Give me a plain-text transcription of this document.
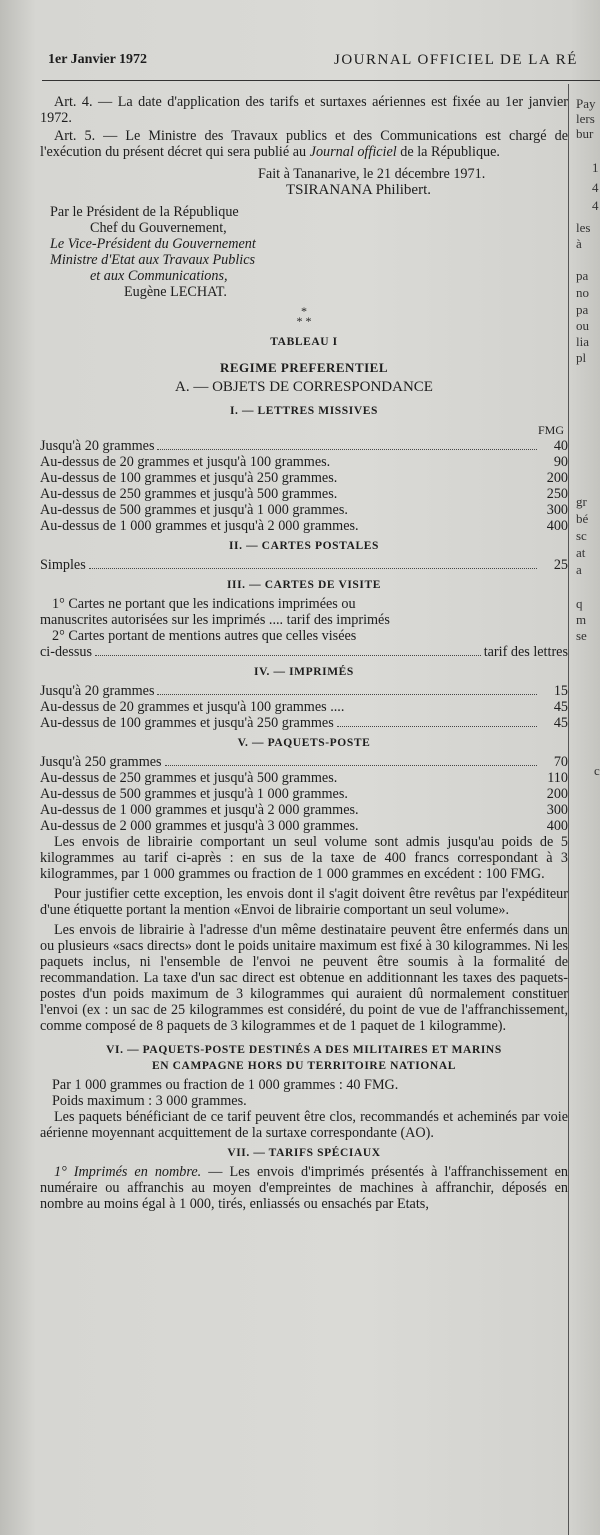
1er Janvier 1972	JOURNAL OFFICIEL DE LA RÉ
Pay
lers
bur
1
4
4
les
à
pa
no
pa
ou
lia
pl
gr
bé
sc
at
a
q
m
se
c

Art. 4. — La date d'application des tarifs et surtaxes aériennes est fixée au 1er janvier 1972.

Art. 5. — Le Ministre des Travaux publics et des Communications est chargé de l'exécution du présent décret qui sera publié au Journal officiel de la République.

Fait à Tananarive, le 21 décembre 1971.

TSIRANANA Philibert.

Par le Président de la République

Chef du Gouvernement,

Le Vice-Président du Gouvernement

Ministre d'Etat aux Travaux Publics

et aux Communications,

Eugène LECHAT.

*
* *

TABLEAU I

REGIME PREFERENTIEL

A. — OBJETS DE CORRESPONDANCE

I. — LETTRES MISSIVES

FMG

Jusqu'à 20 grammes	40
Au-dessus de 20 grammes et jusqu'à 100 grammes.	90
Au-dessus de 100 grammes et jusqu'à 250 grammes.	200
Au-dessus de 250 grammes et jusqu'à 500 grammes.	250
Au-dessus de 500 grammes et jusqu'à 1 000 grammes.	300
Au-dessus de 1 000 grammes et jusqu'à 2 000 grammes.	400

II. — CARTES POSTALES

Simples	25

III. — CARTES DE VISITE

1° Cartes ne portant que les indications imprimées ou

manuscrites autorisées sur les imprimés .... tarif des imprimés

2° Cartes portant de mentions autres que celles visées

ci-dessus	tarif des lettres

IV. — IMPRIMÉS

Jusqu'à 20 grammes	15
Au-dessus de 20 grammes et jusqu'à 100 grammes ....	45
Au-dessus de 100 grammes et jusqu'à 250 grammes	45

V. — PAQUETS-POSTE

Jusqu'à 250 grammes	70
Au-dessus de 250 grammes et jusqu'à 500 grammes.	110
Au-dessus de 500 grammes et jusqu'à 1 000 grammes.	200
Au-dessus de 1 000 grammes et jusqu'à 2 000 grammes.	300
Au-dessus de 2 000 grammes et jusqu'à 3 000 grammes.	400

Les envois de librairie comportant un seul volume sont admis jusqu'au poids de 5 kilogrammes au tarif ci-après : en sus de la taxe de 400 francs correspondant à 3 kilogrammes, par 1 000 grammes ou fraction de 1 000 grammes en excédent : 100 FMG.

Pour justifier cette exception, les envois dont il s'agit doivent être revêtus par l'expéditeur d'une étiquette portant la mention «Envoi de librairie comportant un seul volume».

Les envois de librairie à l'adresse d'un même destinataire peuvent être enfermés dans un ou plusieurs «sacs directs» dont le poids unitaire maximum est fixé à 30 kilogrammes. Ni les paquets inclus, ni l'ensemble de l'envoi ne peuvent être soumis à la formalité de recommandation. La taxe d'un sac direct est obtenue en additionnant les taxes des paquets-postes d'un poids maximum de 3 kilogrammes qui auraient dû normalement constituer l'envoi (ex : un sac de 25 kilogrammes est considéré, du point de vue de l'affranchissement, comme composé de 8 paquets de 3 kilogrammes et de 1 paquet de 1 kilogramme).

VI. — PAQUETS-POSTE DESTINÉS A DES MILITAIRES ET MARINS

EN CAMPAGNE HORS DU TERRITOIRE NATIONAL

Par 1 000 grammes ou fraction de 1 000 grammes : 40 FMG.

Poids maximum : 3 000 grammes.

Les paquets bénéficiant de ce tarif peuvent être clos, recommandés et acheminés par voie aérienne moyennant acquittement de la surtaxe correspondante (AO).

VII. — TARIFS SPÉCIAUX

1° Imprimés en nombre. — Les envois d'imprimés présentés à l'affranchissement en numéraire ou affranchis au moyen d'empreintes de machines à affranchir, déposés en nombre au moins égal à 1 000, tirés, enliassés ou ensachés par Etats,
